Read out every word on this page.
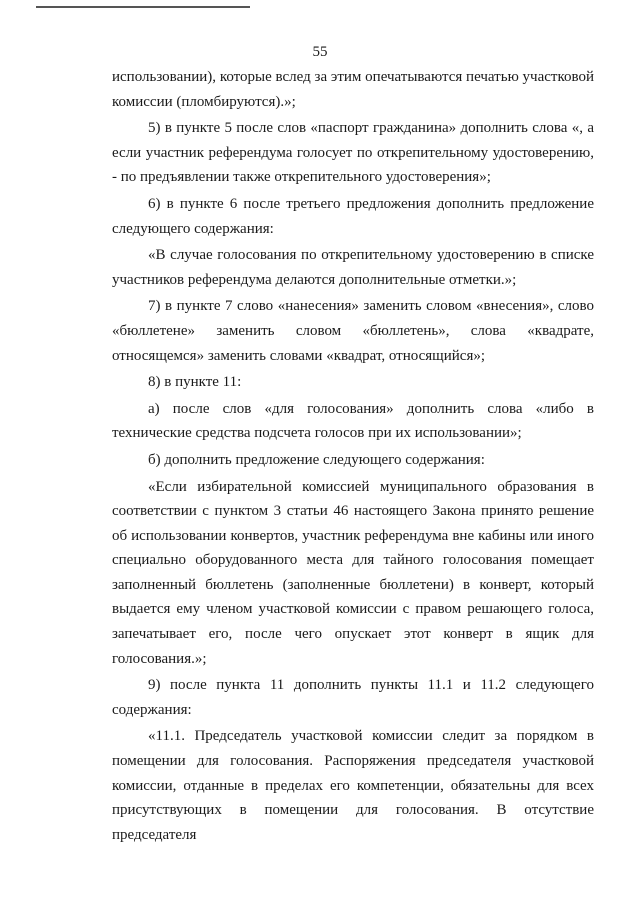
55

использовании), которые вслед за этим опечатываются печатью участковой комиссии (пломбируются).»;

5) в пункте 5 после слов «паспорт гражданина» дополнить слова «, а если участник референдума голосует по открепительному удостоверению, - по предъявлении также открепительного удостоверения»;

6) в пункте 6 после третьего предложения дополнить предложение следующего содержания:

«В случае голосования по открепительному удостоверению в списке участников референдума делаются дополнительные отметки.»;

7) в пункте 7 слово «нанесения» заменить словом «внесения», слово «бюллетене» заменить словом «бюллетень», слова «квадрате, относящемся» заменить словами «квадрат, относящийся»;

8) в пункте 11:

а) после слов «для голосования» дополнить слова «либо в технические средства подсчета голосов при их использовании»;

б) дополнить предложение следующего содержания:

«Если избирательной комиссией муниципального образования в соответствии с пунктом 3 статьи 46 настоящего Закона принято решение об использовании конвертов, участник референдума вне кабины или иного специально оборудованного места для тайного голосования помещает заполненный бюллетень (заполненные бюллетени) в конверт, который выдается ему членом участковой комиссии с правом решающего голоса, запечатывает его, после чего опускает этот конверт в ящик для голосования.»;

9) после пункта 11 дополнить пункты 11.1 и 11.2 следующего содержания:

«11.1. Председатель участковой комиссии следит за порядком в помещении для голосования. Распоряжения председателя участковой комиссии, отданные в пределах его компетенции, обязательны для всех присутствующих в помещении для голосования. В отсутствие председателя
